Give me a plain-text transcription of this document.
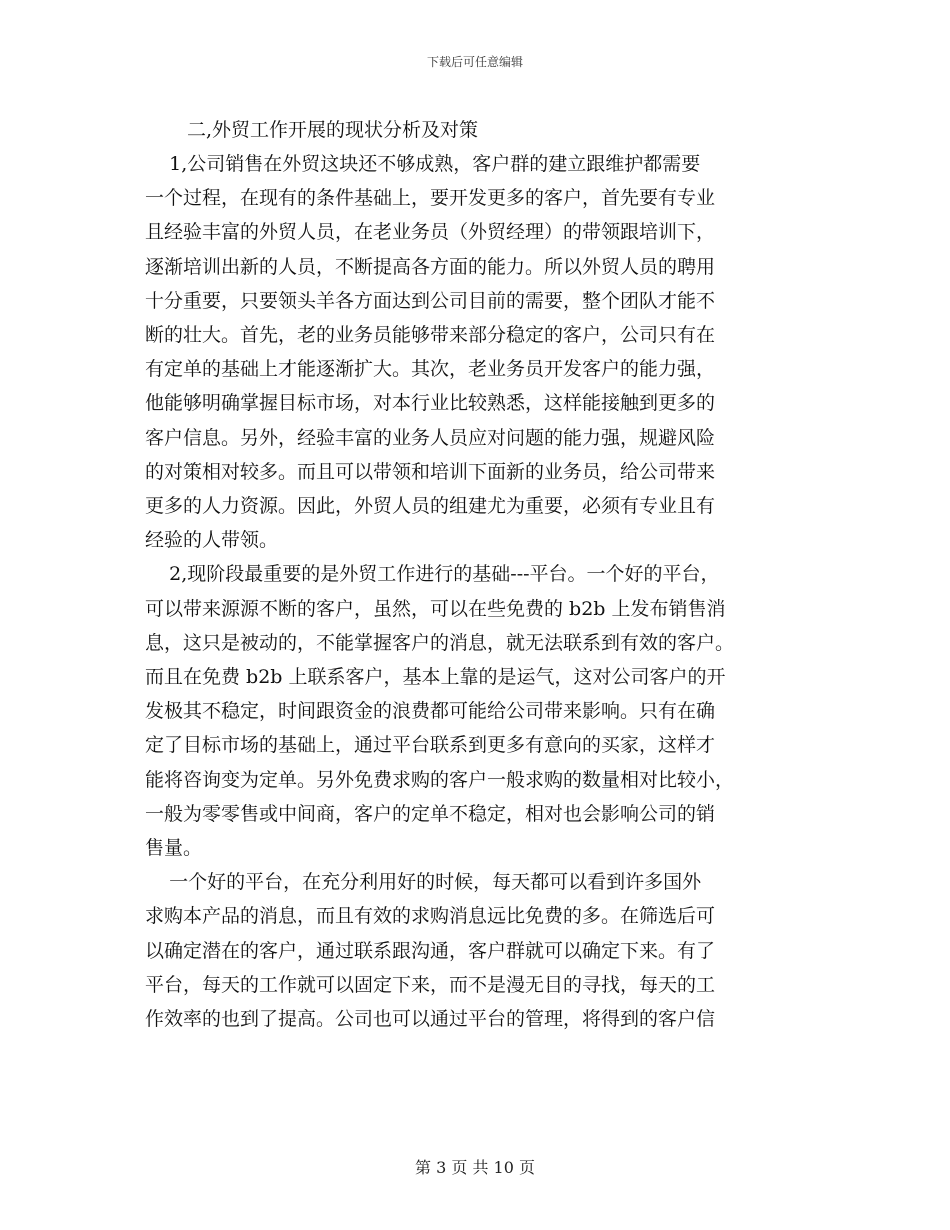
下载后可任意编辑
二,外贸工作开展的现状分析及对策
1,公司销售在外贸这块还不够成熟，客户群的建立跟维护都需要
一个过程，在现有的条件基础上，要开发更多的客户，首先要有专业
且经验丰富的外贸人员，在老业务员（外贸经理）的带领跟培训下，
逐渐培训出新的人员，不断提高各方面的能力。所以外贸人员的聘用
十分重要，只要领头羊各方面达到公司目前的需要，整个团队才能不
断的壮大。首先，老的业务员能够带来部分稳定的客户，公司只有在
有定单的基础上才能逐渐扩大。其次，老业务员开发客户的能力强，
他能够明确掌握目标市场，对本行业比较熟悉，这样能接触到更多的
客户信息。另外，经验丰富的业务人员应对问题的能力强，规避风险
的对策相对较多。而且可以带领和培训下面新的业务员，给公司带来
更多的人力资源。因此，外贸人员的组建尤为重要，必须有专业且有
经验的人带领。
2,现阶段最重要的是外贸工作进行的基础---平台。一个好的平台，
可以带来源源不断的客户，虽然，可以在些免费的 b2b 上发布销售消
息，这只是被动的，不能掌握客户的消息，就无法联系到有效的客户。
而且在免费 b2b 上联系客户，基本上靠的是运气，这对公司客户的开
发极其不稳定，时间跟资金的浪费都可能给公司带来影响。只有在确
定了目标市场的基础上，通过平台联系到更多有意向的买家，这样才
能将咨询变为定单。另外免费求购的客户一般求购的数量相对比较小，
一般为零零售或中间商，客户的定单不稳定，相对也会影响公司的销
售量。
一个好的平台，在充分利用好的时候，每天都可以看到许多国外
求购本产品的消息，而且有效的求购消息远比免费的多。在筛选后可
以确定潜在的客户，通过联系跟沟通，客户群就可以确定下来。有了
平台，每天的工作就可以固定下来，而不是漫无目的寻找，每天的工
作效率的也到了提高。公司也可以通过平台的管理，将得到的客户信
第 3 页 共 10 页
